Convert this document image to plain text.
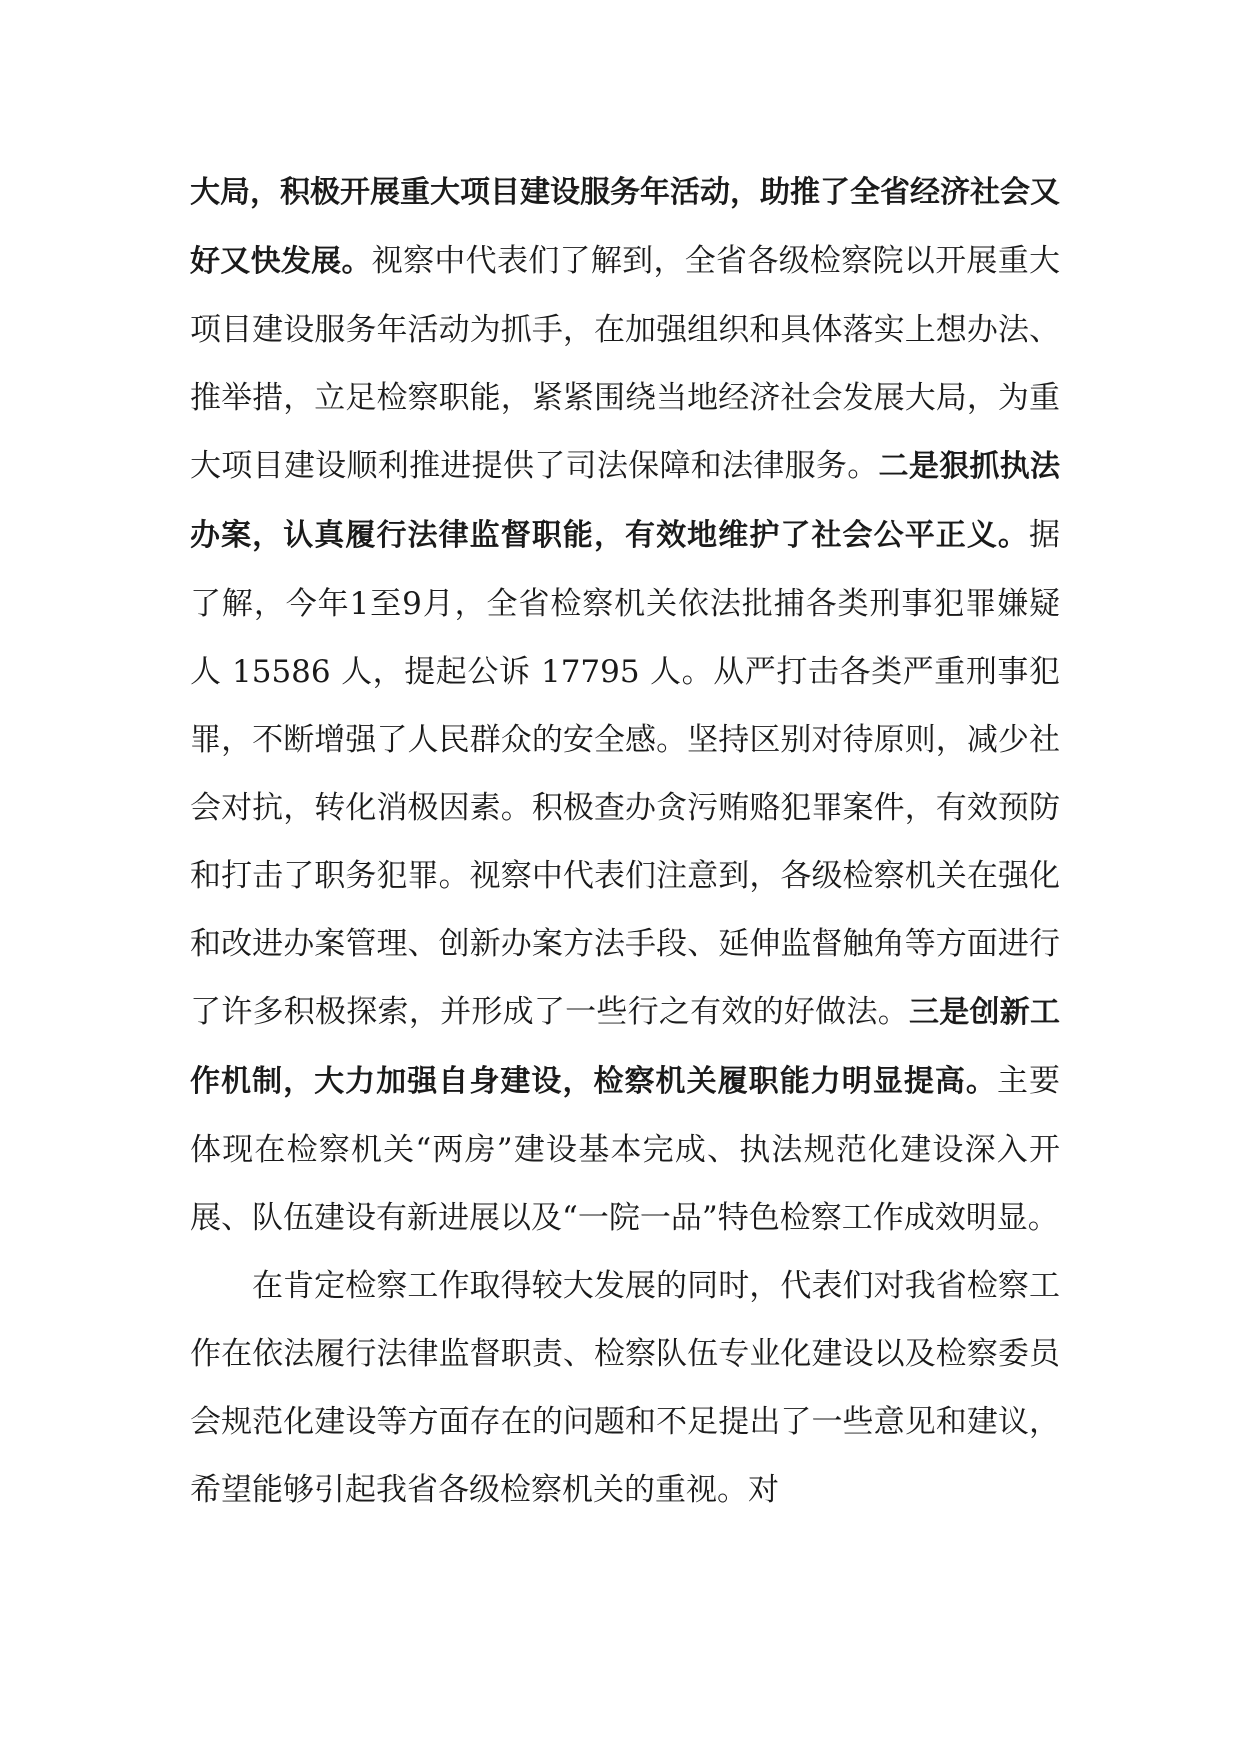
大局，积极开展重大项目建设服务年活动，助推了全省经济社会又好又快发展。视察中代表们了解到，全省各级检察院以开展重大项目建设服务年活动为抓手，在加强组织和具体落实上想办法、推举措，立足检察职能，紧紧围绕当地经济社会发展大局，为重大项目建设顺利推进提供了司法保障和法律服务。二是狠抓执法办案，认真履行法律监督职能，有效地维护了社会公平正义。据了解，今年1至9月，全省检察机关依法批捕各类刑事犯罪嫌疑人 15586 人，提起公诉 17795 人。从严打击各类严重刑事犯罪，不断增强了人民群众的安全感。坚持区别对待原则，减少社会对抗，转化消极因素。积极查办贪污贿赂犯罪案件，有效预防和打击了职务犯罪。视察中代表们注意到，各级检察机关在强化和改进办案管理、创新办案方法手段、延伸监督触角等方面进行了许多积极探索，并形成了一些行之有效的好做法。三是创新工作机制，大力加强自身建设，检察机关履职能力明显提高。主要体现在检察机关“两房”建设基本完成、执法规范化建设深入开展、队伍建设有新进展以及“一院一品”特色检察工作成效明显。

在肯定检察工作取得较大发展的同时，代表们对我省检察工作在依法履行法律监督职责、检察队伍专业化建设以及检察委员会规范化建设等方面存在的问题和不足提出了一些意见和建议，希望能够引起我省各级检察机关的重视。对
